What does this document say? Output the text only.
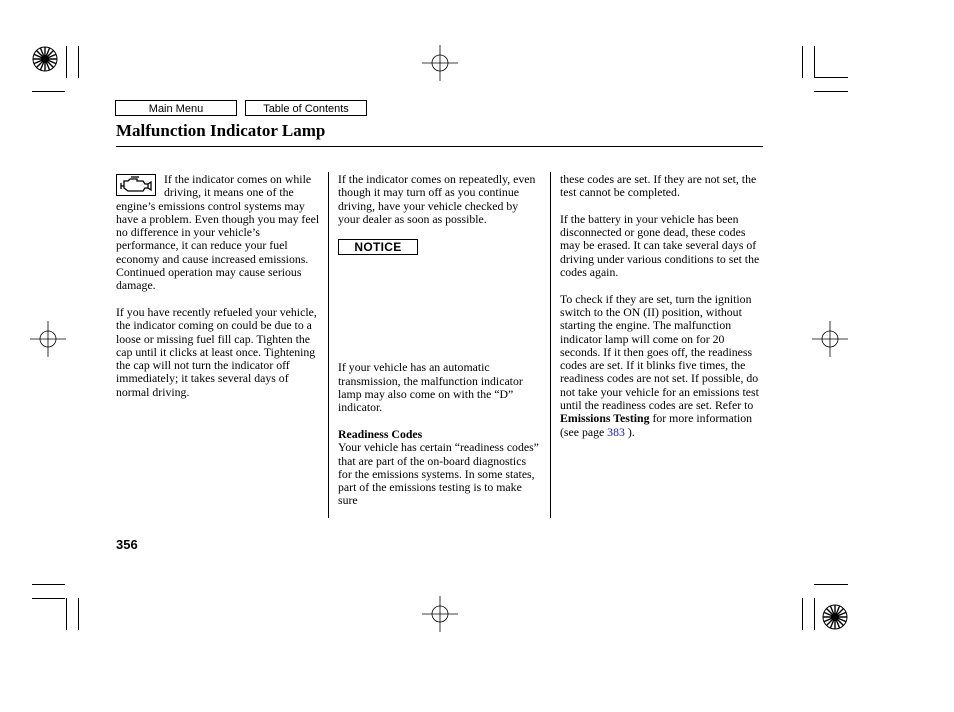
Main Menu	Table of Contents
Malfunction Indicator Lamp

If the indicator comes on while driving, it means one of the engine’s emissions control systems may have a problem. Even though you may feel no difference in your vehicle’s performance, it can reduce your fuel economy and cause increased emissions. Continued operation may cause serious damage.

If you have recently refueled your vehicle, the indicator coming on could be due to a loose or missing fuel fill cap. Tighten the cap until it clicks at least once. Tightening the cap will not turn the indicator off immediately; it takes several days of normal driving.

If the indicator comes on repeatedly, even though it may turn off as you continue driving, have your vehicle checked by your dealer as soon as possible.

NOTICE

If your vehicle has an automatic transmission, the malfunction indicator lamp may also come on with the “D” indicator.

Readiness Codes

Your vehicle has certain “readiness codes” that are part of the on-board diagnostics for the emissions systems. In some states, part of the emissions testing is to make sure

these codes are set. If they are not set, the test cannot be completed.

If the battery in your vehicle has been disconnected or gone dead, these codes may be erased. It can take several days of driving under various conditions to set the codes again.

To check if they are set, turn the ignition switch to the ON (II) position, without starting the engine. The malfunction indicator lamp will come on for 20 seconds. If it then goes off, the readiness codes are set. If it blinks five times, the readiness codes are not set. If possible, do not take your vehicle for an emissions test until the readiness codes are set. Refer to Emissions Testing for more information (see page 383 ).

356
